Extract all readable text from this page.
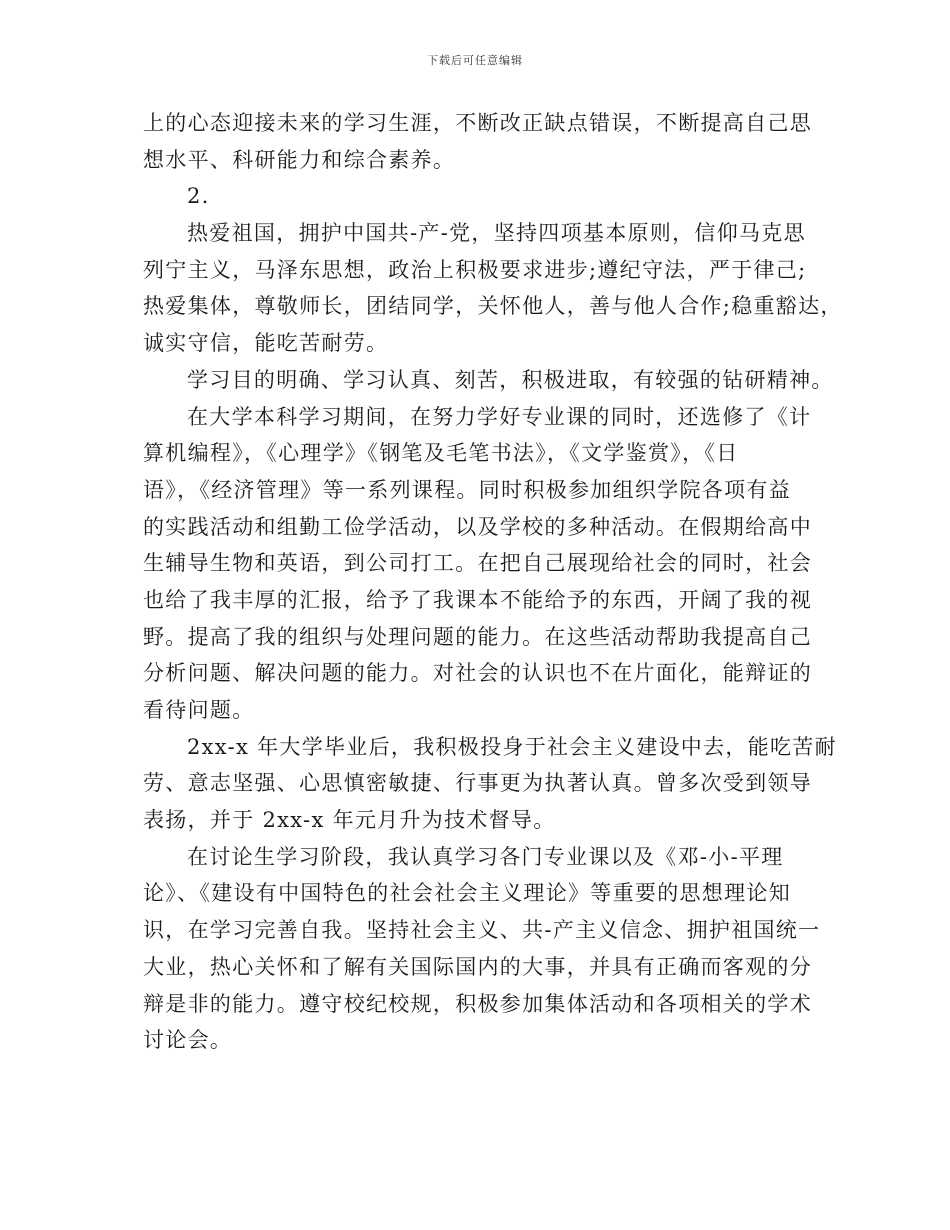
下载后可任意编辑
上的心态迎接未来的学习生涯，不断改正缺点错误，不断提高自己思
想水平、科研能力和综合素养。
2.
热爱祖国，拥护中国共-产-党，坚持四项基本原则，信仰马克思
列宁主义，马泽东思想，政治上积极要求进步;遵纪守法，严于律己;
热爱集体，尊敬师长，团结同学，关怀他人，善与他人合作;稳重豁达，
诚实守信，能吃苦耐劳。
学习目的明确、学习认真、刻苦，积极进取，有较强的钻研精神。
在大学本科学习期间，在努力学好专业课的同时，还选修了《计
算机编程》，《心理学》《钢笔及毛笔书法》，《文学鉴赏》，《日
语》，《经济管理》等一系列课程。同时积极参加组织学院各项有益
的实践活动和组勤工俭学活动，以及学校的多种活动。在假期给高中
生辅导生物和英语，到公司打工。在把自己展现给社会的同时，社会
也给了我丰厚的汇报，给予了我课本不能给予的东西，开阔了我的视
野。提高了我的组织与处理问题的能力。在这些活动帮助我提高自己
分析问题、解决问题的能力。对社会的认识也不在片面化，能辩证的
看待问题。
2xx-x 年大学毕业后，我积极投身于社会主义建设中去，能吃苦耐
劳、意志坚强、心思慎密敏捷、行事更为执著认真。曾多次受到领导
表扬，并于 2xx-x 年元月升为技术督导。
在讨论生学习阶段，我认真学习各门专业课以及《邓-小-平理
论》、《建设有中国特色的社会社会主义理论》等重要的思想理论知
识，在学习完善自我。坚持社会主义、共-产主义信念、拥护祖国统一
大业，热心关怀和了解有关国际国内的大事，并具有正确而客观的分
辩是非的能力。遵守校纪校规，积极参加集体活动和各项相关的学术
讨论会。
